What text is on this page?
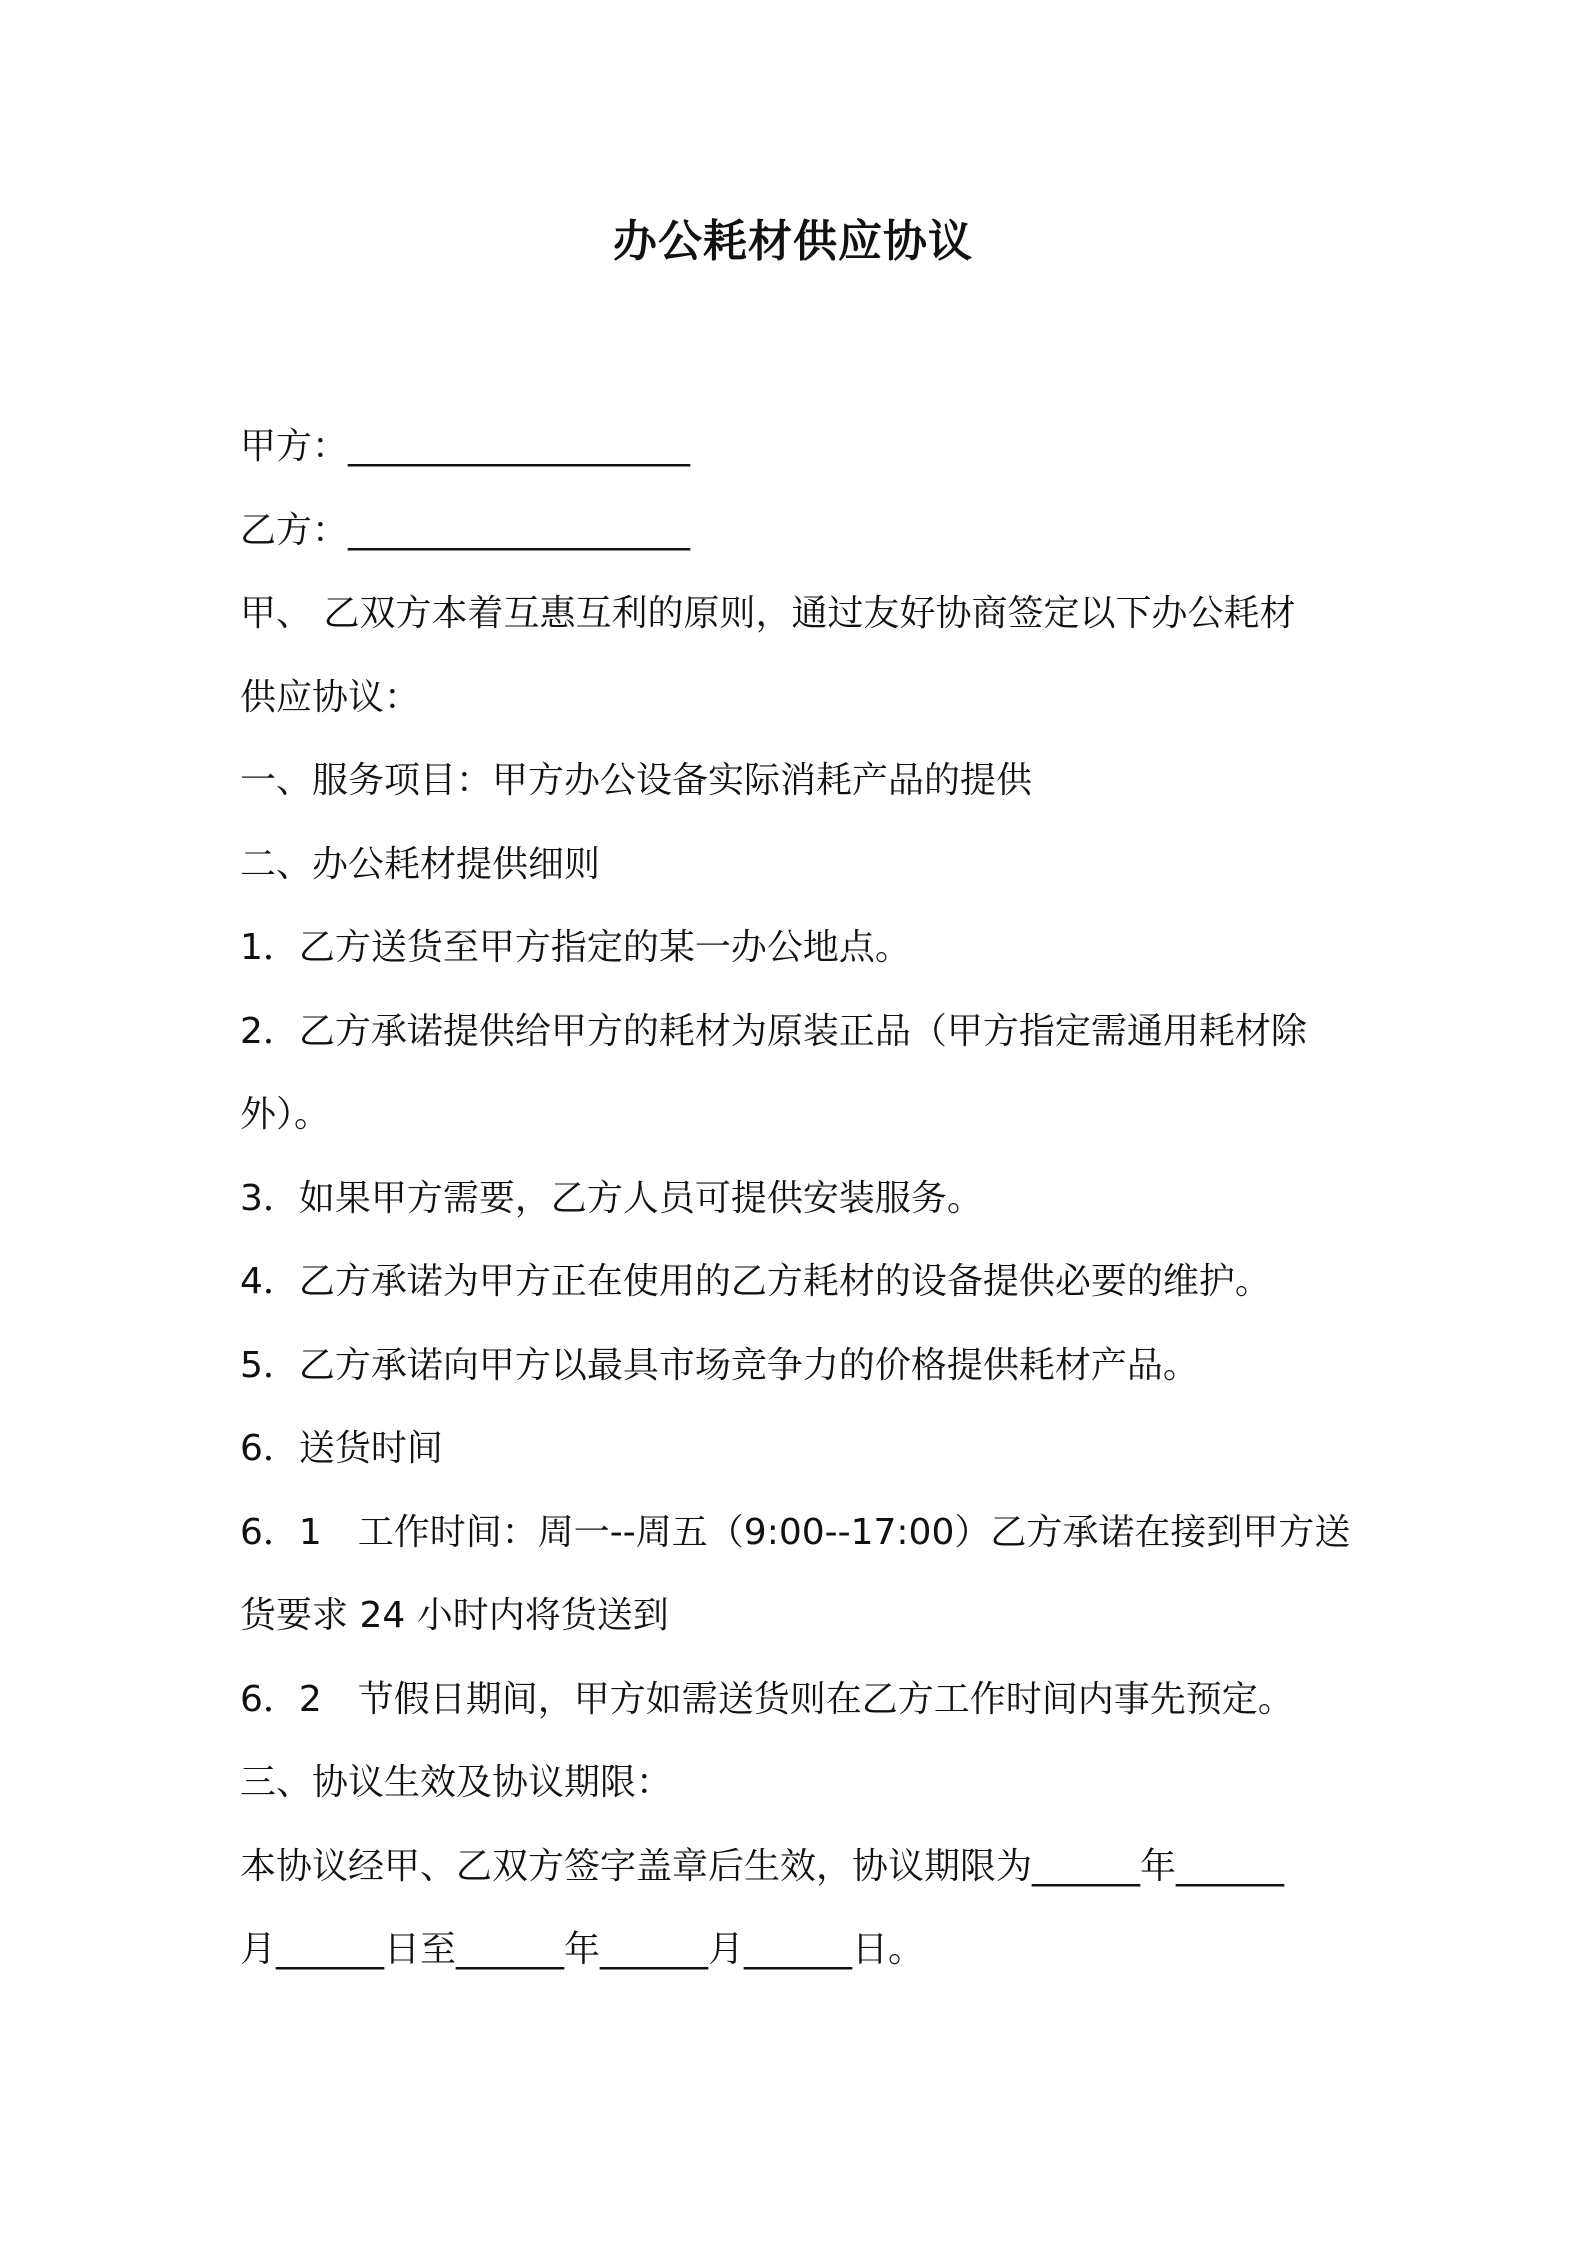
办公耗材供应协议
甲方：___________________
乙方：___________________
甲、 乙双方本着互惠互利的原则，通过友好协商签定以下办公耗材
供应协议：
一、服务项目：甲方办公设备实际消耗产品的提供
二、办公耗材提供细则
1．乙方送货至甲方指定的某一办公地点。
2．乙方承诺提供给甲方的耗材为原装正品（甲方指定需通用耗材除
外）。
3．如果甲方需要，乙方人员可提供安装服务。
4．乙方承诺为甲方正在使用的乙方耗材的设备提供必要的维护。
5．乙方承诺向甲方以最具市场竞争力的价格提供耗材产品。
6．送货时间
6．1　工作时间：周一--周五（9:00--17:00）乙方承诺在接到甲方送
货要求 24 小时内将货送到
6．2　节假日期间，甲方如需送货则在乙方工作时间内事先预定。
三、协议生效及协议期限：
本协议经甲、乙双方签字盖章后生效，协议期限为______年______
月______日至______年______月______日。
